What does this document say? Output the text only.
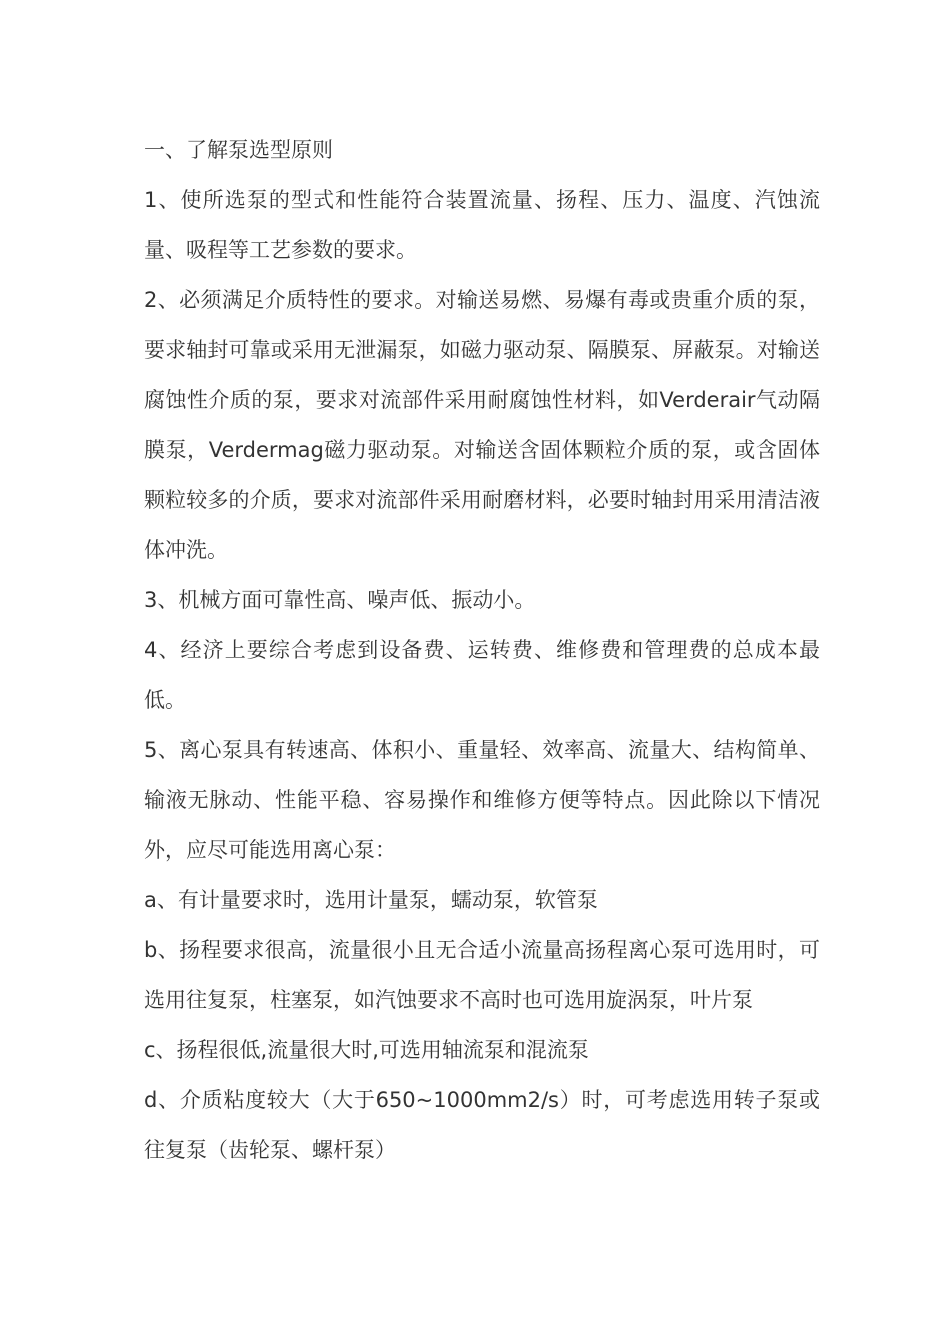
一、了解泵选型原则

1、使所选泵的型式和性能符合装置流量、扬程、压力、温度、汽蚀流量、吸程等工艺参数的要求。

2、必须满足介质特性的要求。对输送易燃、易爆有毒或贵重介质的泵，要求轴封可靠或采用无泄漏泵，如磁力驱动泵、隔膜泵、屏蔽泵。对输送腐蚀性介质的泵，要求对流部件采用耐腐蚀性材料，如Verderair气动隔膜泵，Verdermag磁力驱动泵。对输送含固体颗粒介质的泵，或含固体颗粒较多的介质，要求对流部件采用耐磨材料，必要时轴封用采用清洁液体冲洗。

3、机械方面可靠性高、噪声低、振动小。

4、经济上要综合考虑到设备费、运转费、维修费和管理费的总成本最低。

5、离心泵具有转速高、体积小、重量轻、效率高、流量大、结构简单、输液无脉动、性能平稳、容易操作和维修方便等特点。因此除以下情况外，应尽可能选用离心泵：

a、有计量要求时，选用计量泵，蠕动泵，软管泵

b、扬程要求很高，流量很小且无合适小流量高扬程离心泵可选用时，可选用往复泵，柱塞泵，如汽蚀要求不高时也可选用旋涡泵，叶片泵

c、扬程很低,流量很大时,可选用轴流泵和混流泵

d、介质粘度较大（大于650~1000mm2/s）时，可考虑选用转子泵或往复泵（齿轮泵、螺杆泵）
